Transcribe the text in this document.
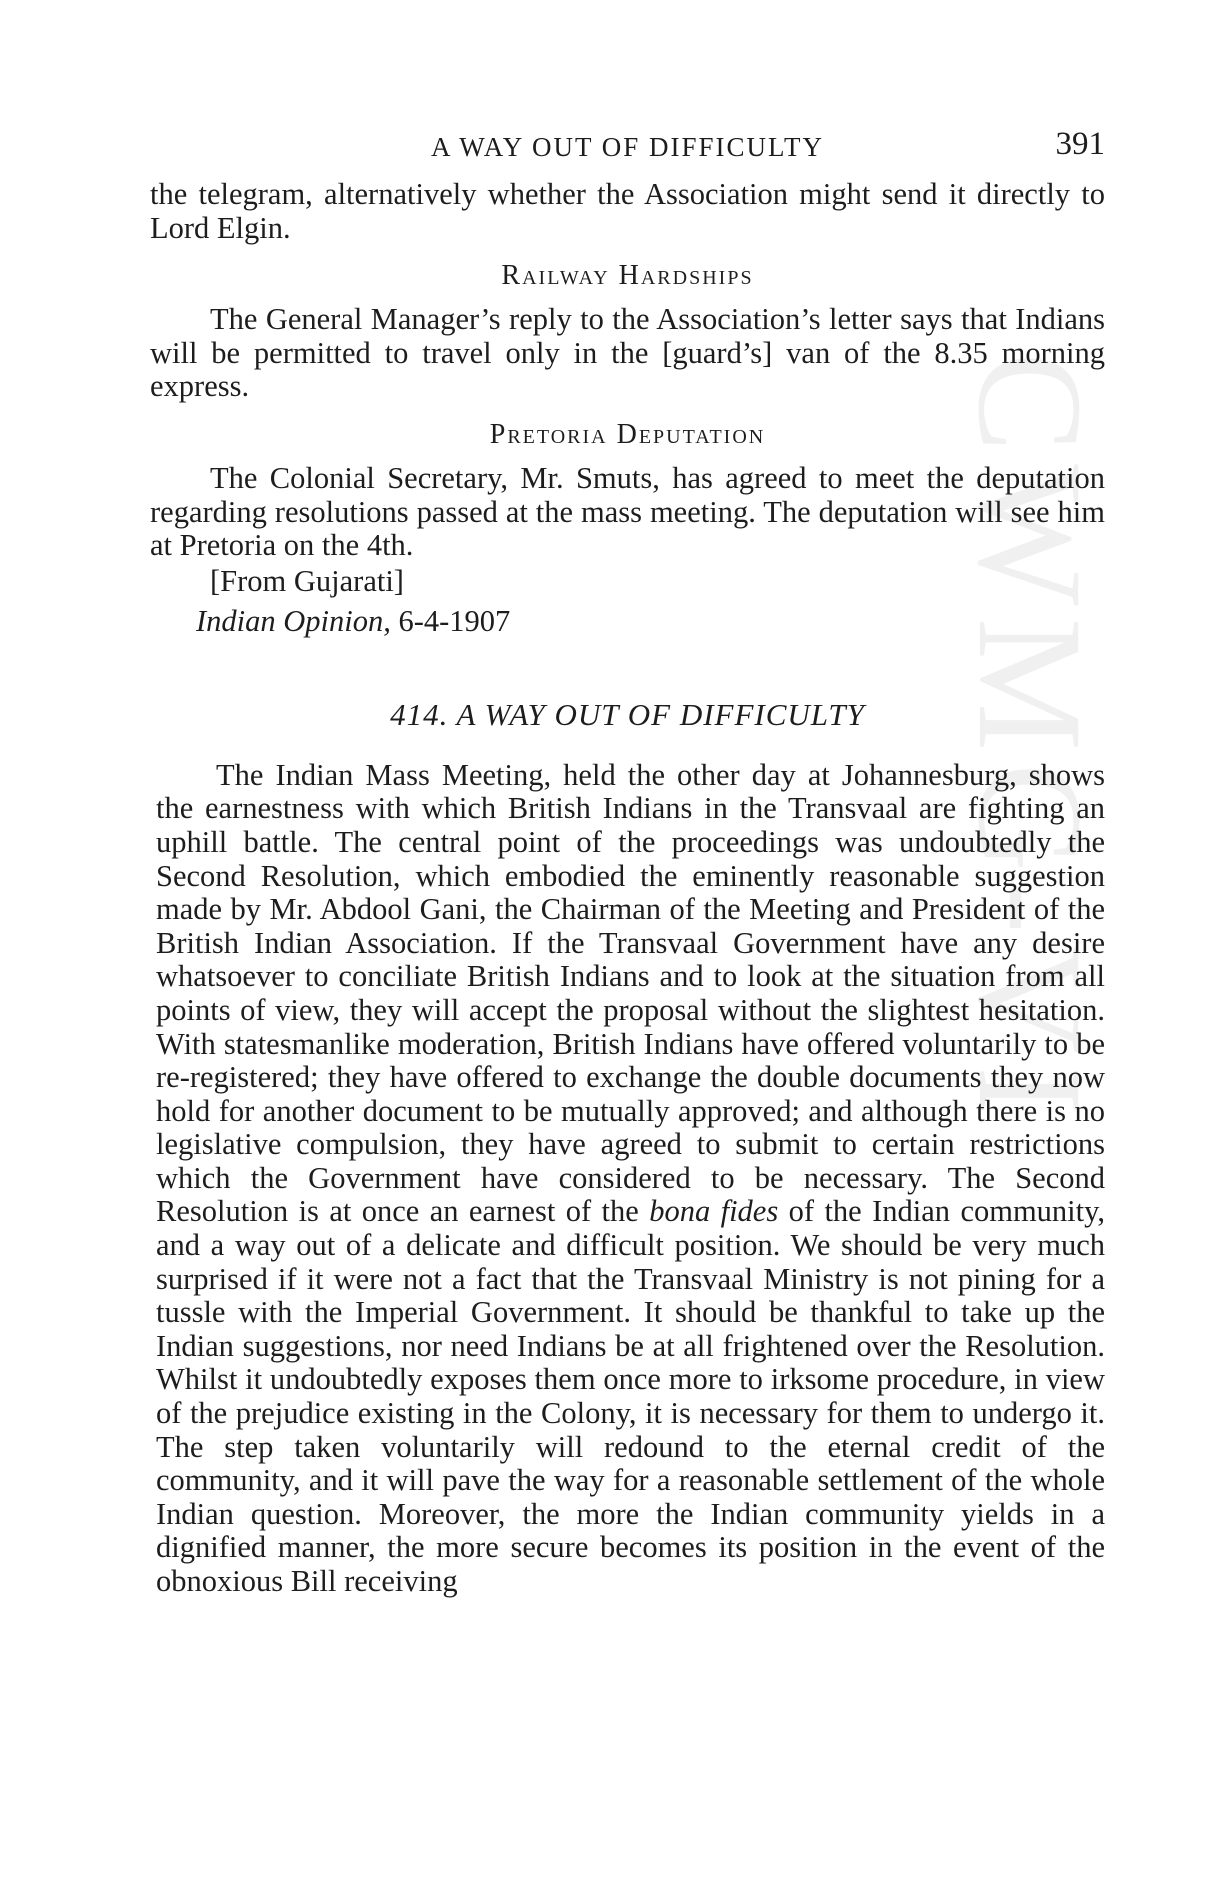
CWMG-VI
A WAY OUT OF DIFFICULTY	391

the telegram, alternatively whether the Association might send it directly to Lord Elgin.

Railway Hardships

The General Manager’s reply to the Association’s letter says that Indians will be permitted to travel only in the [guard’s] van of the 8.35 morning express.

Pretoria Deputation

The Colonial Secretary, Mr. Smuts, has agreed to meet the deputation regarding resolutions passed at the mass meeting. The deputation will see him at Pretoria on the 4th.

[From Gujarati]
Indian Opinion, 6-4-1907
414. A WAY OUT OF DIFFICULTY

The Indian Mass Meeting, held the other day at Johannesburg, shows the earnestness with which British Indians in the Transvaal are fighting an uphill battle. The central point of the proceedings was undoubtedly the Second Resolution, which embodied the eminently reasonable suggestion made by Mr. Abdool Gani, the Chairman of the Meeting and President of the British Indian Association. If the Transvaal Government have any desire whatsoever to conciliate British Indians and to look at the situation from all points of view, they will accept the proposal without the slightest hesitation. With statesmanlike moderation, British Indians have offered voluntarily to be re-registered; they have offered to exchange the double documents they now hold for another document to be mutually approved; and although there is no legislative compulsion, they have agreed to submit to certain restrictions which the Government have considered to be necessary. The Second Resolution is at once an earnest of the bona fides of the Indian community, and a way out of a delicate and difficult position. We should be very much surprised if it were not a fact that the Transvaal Ministry is not pining for a tussle with the Imperial Government. It should be thankful to take up the Indian suggestions, nor need Indians be at all frightened over the Resolution. Whilst it undoubtedly exposes them once more to irksome procedure, in view of the prejudice existing in the Colony, it is necessary for them to undergo it. The step taken voluntarily will redound to the eternal credit of the community, and it will pave the way for a reasonable settlement of the whole Indian question. Moreover, the more the Indian community yields in a dignified manner, the more secure becomes its position in the event of the obnoxious Bill receiving
